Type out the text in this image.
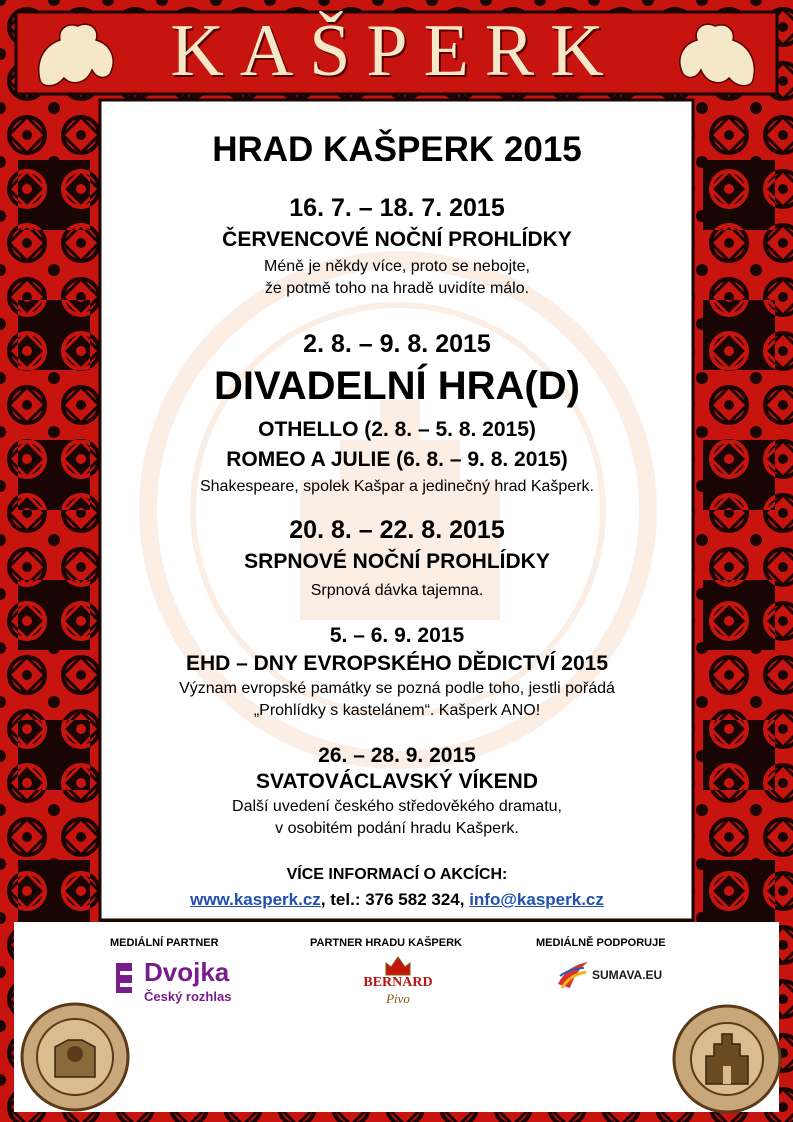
KAŠPERK
HRAD KAŠPERK 2015
16. 7. – 18. 7. 2015
ČERVENCOVÉ NOČNÍ PROHLÍDKY
Méně je někdy více, proto se nebojte,
že potmě toho na hradě uvidíte málo.
2. 8. – 9. 8. 2015
DIVADELNÍ HRA(D)
OTHELLO (2. 8. – 5. 8. 2015)
ROMEO A JULIE (6. 8. – 9. 8. 2015)
Shakespeare, spolek Kašpar a jedinečný hrad Kašperk.
20. 8. – 22. 8. 2015
SRPNOVÉ NOČNÍ PROHLÍDKY
Srpnová dávka tajemna.
5. – 6. 9. 2015
EHD – DNY EVROPSKÉHO DĚDICTVÍ 2015
Význam evropské památky se pozná podle toho, jestli pořádá
„Prohlídky s kastelánem“. Kašperk ANO!
26. – 28. 9. 2015
SVATOVÁCLAVSKÝ VÍKEND
Další uvedení českého středověkého dramatu,
v osobitém podání hradu Kašperk.
VÍCE INFORMACÍ O AKCÍCH:
www.kasperk.cz, tel.: 376 582 324, info@kasperk.cz
MEDIÁLNÍ PARTNER	PARTNER HRADU KAŠPERK	MEDIÁLNĚ PODPORUJE
Dvojka
Český rozhlas
BERNARD
Pivo
SUMAVA.EU
